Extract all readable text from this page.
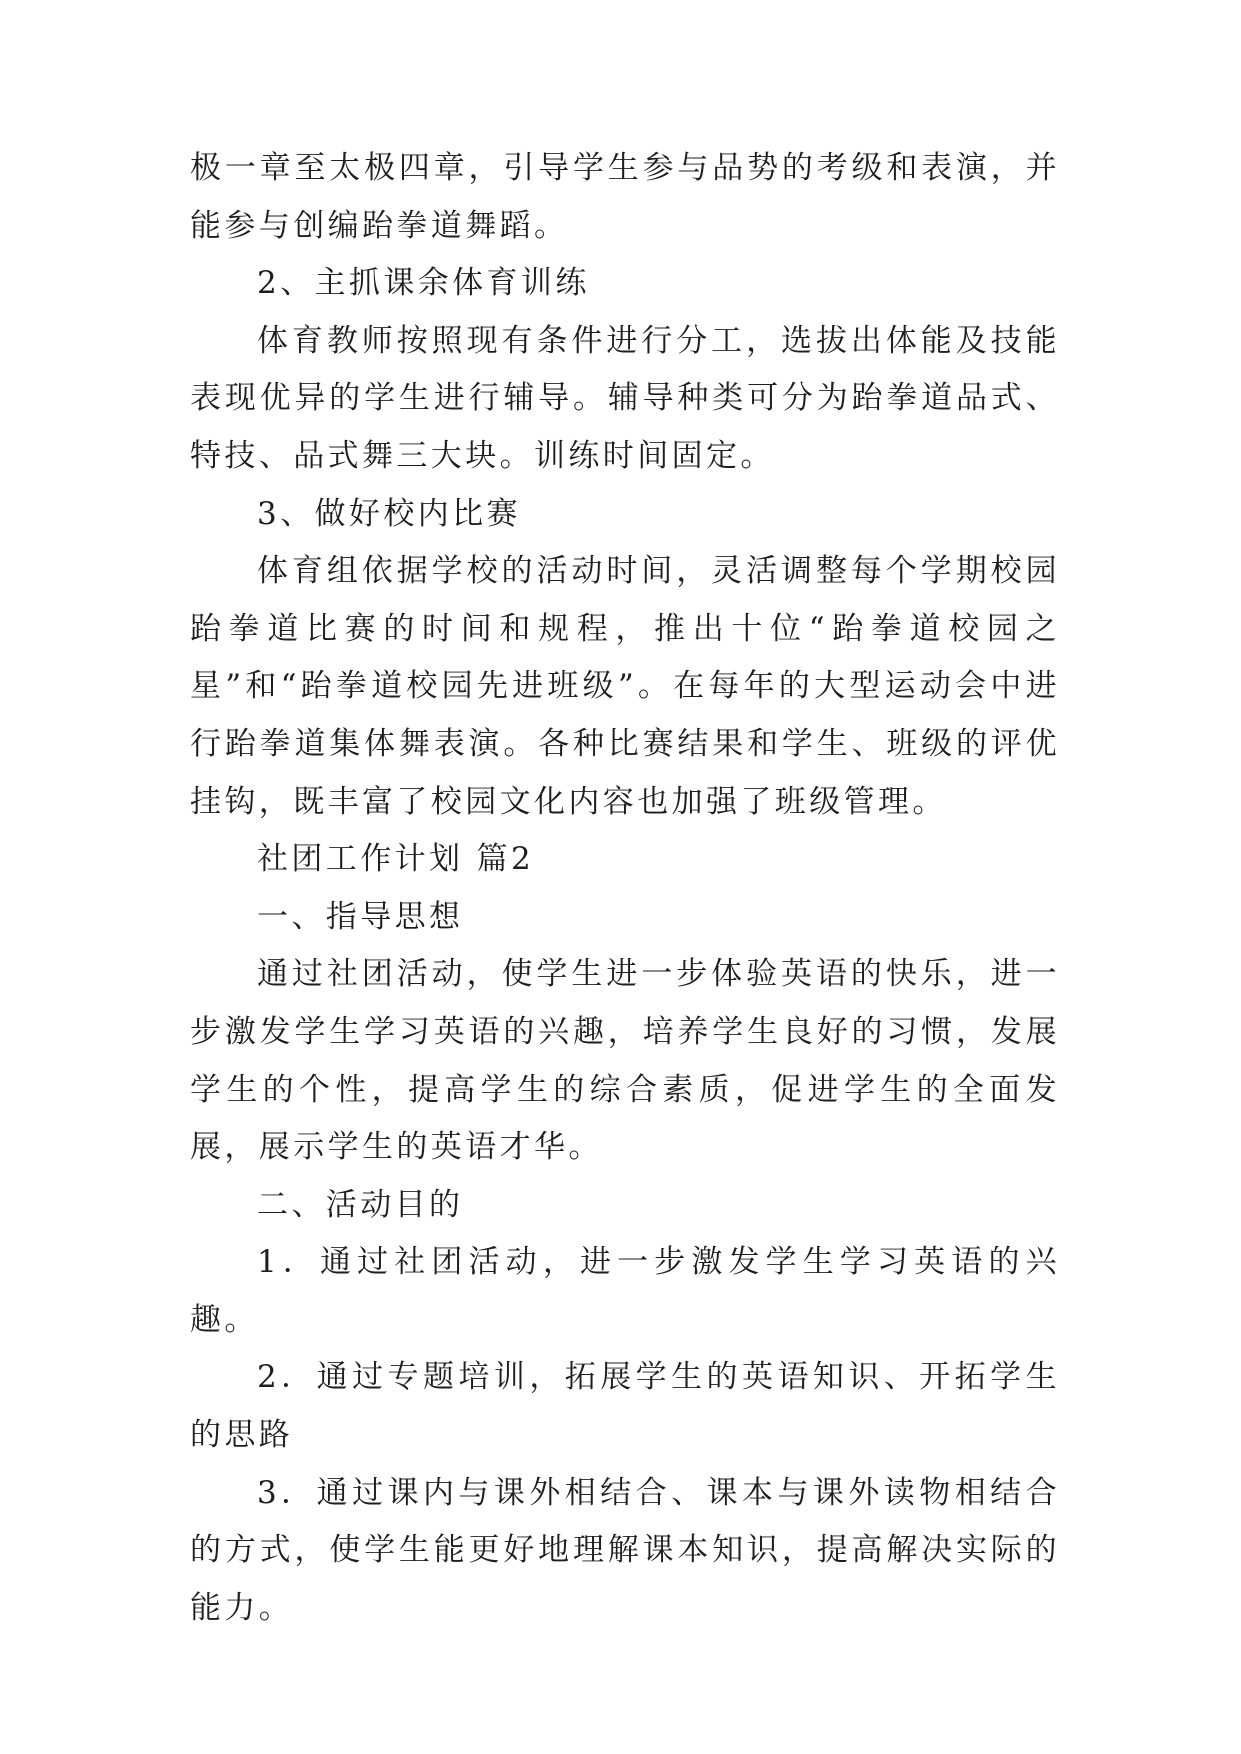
极一章至太极四章，引导学生参与品势的考级和表演，并能参与创编跆拳道舞蹈。

2、主抓课余体育训练

体育教师按照现有条件进行分工，选拔出体能及技能表现优异的学生进行辅导。辅导种类可分为跆拳道品式、特技、品式舞三大块。训练时间固定。

3、做好校内比赛

体育组依据学校的活动时间，灵活调整每个学期校园跆拳道比赛的时间和规程，推出十位“跆拳道校园之星”和“跆拳道校园先进班级”。在每年的大型运动会中进行跆拳道集体舞表演。各种比赛结果和学生、班级的评优挂钩，既丰富了校园文化内容也加强了班级管理。

社团工作计划 篇2

一、指导思想

通过社团活动，使学生进一步体验英语的快乐，进一步激发学生学习英语的兴趣，培养学生良好的习惯，发展学生的个性，提高学生的综合素质，促进学生的全面发展，展示学生的英语才华。

二、活动目的

1．通过社团活动，进一步激发学生学习英语的兴趣。

2．通过专题培训，拓展学生的英语知识、开拓学生的思路

3．通过课内与课外相结合、课本与课外读物相结合的方式，使学生能更好地理解课本知识，提高解决实际的能力。
